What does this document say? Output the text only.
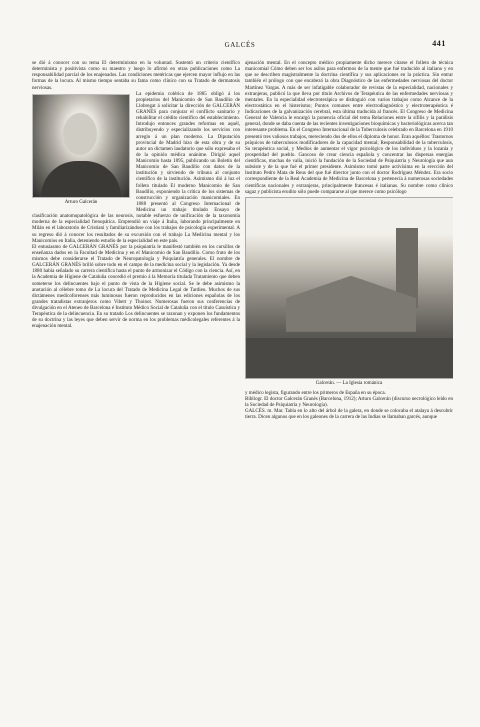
GALCÉS	441

se dió á conocer con su tema El determinismo en la voluntad. Sustentó un criterio científico determinista y positivista como su maestro y luego lo afirmó en otras publicaciones como La responsabilidad parcial de los enajenados. Las condiciones metéricas que ejercen mayor influjo en las formas de la locura. Al mismo tiempo sentaba su fama como clínico con su Tratado de dermatosis nerviosas.

Arturo Galcerán

La epidemia colérica de 1885 obligó á los propietarios del Manicomio de San Baudilio de Llobregat á solicitar la dirección de GALCERÁN GRANÉS para conjurar el conflicto sanitario y rehabilitar el crédito científico del establecimiento. Introdujo entonces grandes reformas en aquél, distribuyendo y especializando los servicios con arreglo á un plan moderno. La Diputación provincial de Madrid hizo de esta obra y de su autor un dictamen laudatorio que sólo expresaba el de la opinión médica unánime. Dirigió aquel Manicomio hasta 1895, publicando un Boletín del Manicomio de San Baudilio con datos de la institución y sirviendo de tribuna al conjunto científico de la institución. Asimismo dió á luz el folleto titulado El moderno Manicomio de San Baudilio, exponiendo la crítica de los sistemas de construcción y organización manicomiales. En 1888 presentó al Congreso Internacional de Medicina un trabajo titulado Ensayo de clasificación anatomopatológica de las neurosis, notable esfuerzo de unificación de la taxonomía moderna de la especialidad frenopática. Emprendió un viaje á Italia, laborando principalmente en Milán en el laboratorio de Cristiani y familiarizándose con los trabajos de psicología experimental. A su regreso dió á conocer los resultados de su excursión con el trabajo La Medicina mental y los Manicomios en Italia, deteniendo estudio de la especialidad en este país.

El entusiasmo de GALCERÁN GRANÉS por la psiquiatría le manifestó también en los cursillos de enseñanza dados en la Facultad de Medicina y en el Manicomio de San Baudilio. Como fruto de los mismos debe considerarse el Tratado de Neuropatología y Psiquiatría generales. El nombre de GALCERÁN GRANÉS brilló sobre todo en el campo de la medicina social y la legislación. Ya desde 1880 había señalado su carrera científica hasta el punto de armonizar el Código con la ciencia. Así, en la Academia de Higiene de Cataluña concedió el premio á la Memoria titulada Tratamiento que deben someterse los delincuentes bajo el punto de vista de la Higiene social. Se le debe asimismo la anotación al célebre tomo de La locura del Tratado de Medicina Legal de Tardieu. Muchos de sus dictámenes medicoforenses más luminosos fueron reproducidos en las ediciones españolas de los grandes tratadistas extranjeros como Vibert y Thoinot. Numerosas fueron sus conferencias de divulgación en el Ateneo de Barcelona é Instituto Médico Social de Cataluña con el título Casuística y Terapéutica de la delincuencia. En su tratado Los delincuentes se razonan y exponen los fundamentos de su doctrina y las leyes que deben servir de norma en los problemas médicolegales referentes á la enajenación mental.

ajenación mental. En el concepto médico propiamente dicho merece citarse el folleto de técnica manicomial Cómo deben ser los asilos para enfermos de la mente que fué traducido al italiano y en que se describen magistralmente la doctrina científica y sus aplicaciones en la práctica. Sin entrar también el prólogo con que encabezó la obra Diagnóstico de las enfermedades nerviosas del doctor Martínez Vargas. A más de ser infatigable colaborador de revistas de la especialidad, nacionales y extranjeras, publicó la que lleva por título Archivos de Terapéutica de las enfermedades nerviosas y mentales. En la especialidad electroterápica se distinguió con varios trabajos como Alcance de la electrostática en el histerismo; Puntos comunes entre electrodiagnóstico y electroterapéutica é Indicaciones de la galvanización cerebral, esta última traducida al francés. El Congreso de Medicina General de Valencia le encargó la ponencia oficial del tema Relaciones entre la sífilis y la parálisis general, donde se daba cuenta de las recientes investigaciones bioquímicas y bacteriológicas acerca tan interesante problema. En el Congreso Internacional de la Tuberculosis celebrado en Barcelona en 1910 presentó tres valiosos trabajos, mereciendo dos de ellos el diploma de honor. Eran aquéllos: Trastornos psíquicos de tuberculosos modificadores de la capacidad mental; Responsabilidad de la tuberculosis, Su terapéutica social, y Medios de aumentar el vigor psicológico de los individuos y la lozanía y prosperidad del pueblo. Gancoso de crear ciencia española y concentrar las dispersas energías científicas, muchas de valía, inició la fundación de la Sociedad de Psiquiatría y Neurología que aun subsiste y de la que fué el primer presidente. Asimismo tomó parte activísima en la erección del Instituto Pedro Mata de Reus del que fué director junto con el doctor Rodríguez Méndez. Era socio correspondiente de la Real Academia de Medicina de Barcelona y pertenecía á numerosas sociedades científicas nacionales y extranjeras, principalmente francesas é italianas. Su nombre como clínico sagaz y publicista erudito sólo puede compararse al que merece como psicólogo

Galcerán. — La Iglesia románica

y médico legista, figurando entre los primeros de España en su época.

Bibliogr. El doctor Galcerán Granés (Barcelona, 1912); Arturo Galcerán (discurso necrológico leído en la Sociedad de Psiquiatría y Neurología).

GALCÉS. m. Mar. Tabla en lo alto del árbol de la galera, en donde se colocaba el atalaya á descubrir tierra. Dicen algunos que en los galeones de la carrera de las Indias se llamaban garcés, aunque
